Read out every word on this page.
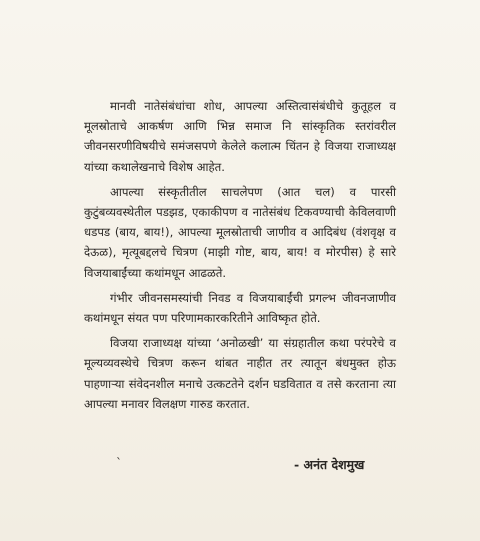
मानवी नातेसंबंधांचा शोध, आपल्या अस्तित्वासंबंधीचे कुतूहल व मूलस्रोताचे आकर्षण आणि भिन्न समाज नि सांस्कृतिक स्तरांवरील जीवनसरणीविषयीचे समंजसपणे केलेले कलात्म चिंतन हे विजया राजाध्यक्ष यांच्या कथालेखनाचे विशेष आहेत.

आपल्या संस्कृतीतील साचलेपण (आत चल) व पारसी कुटुंबव्यवस्थेतील पडझड, एकाकीपण व नातेसंबंध टिकवण्याची केविलवाणी धडपड (बाय, बाय!), आपल्या मूलस्रोताची जाणीव व आदिबंध (वंशवृक्ष व देऊळ), मृत्यूबद्दलचे चित्रण (माझी गोष्ट, बाय, बाय! व मोरपीस) हे सारे विजयाबाईंच्या कथांमधून आढळते.

गंभीर जीवनसमस्यांची निवड व विजयाबाईंची प्रगल्भ जीवनजाणीव कथांमधून संयत पण परिणामकारकरितीने आविष्कृत होते.

विजया राजाध्यक्ष यांच्या ‘अनोळखी’ या संग्रहातील कथा परंपरेचे व मूल्यव्यवस्थेचे चित्रण करून थांबत नाहीत तर त्यातून बंधमुक्त होऊ पाहणाऱ्या संवेदनशील मनाचे उत्कटतेने दर्शन घडवितात व तसे करताना त्या आपल्या मनावर विलक्षण गारुड करतात.

`	- अनंत देशमुख
